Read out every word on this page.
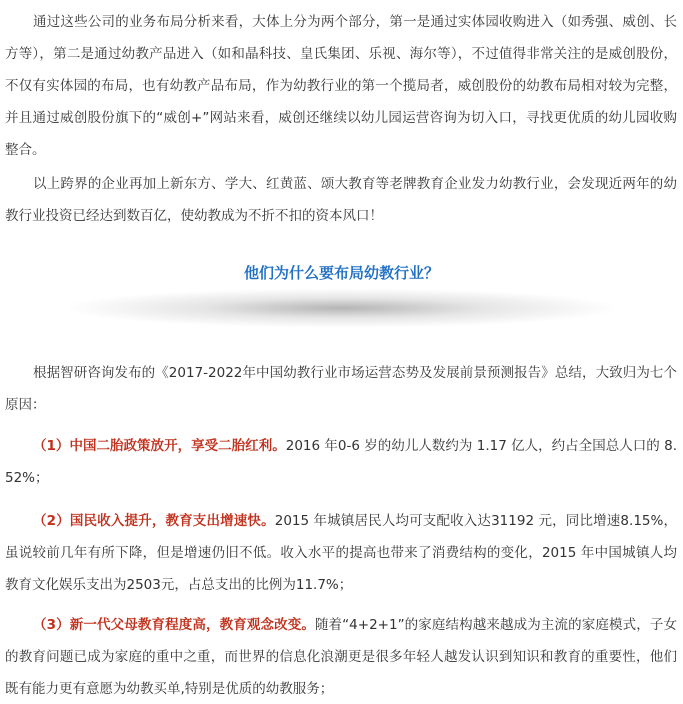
通过这些公司的业务布局分析来看，大体上分为两个部分，第一是通过实体园收购进入（如秀强、威创、长方等），第二是通过幼教产品进入（如和晶科技、皇氏集团、乐视、海尔等），不过值得非常关注的是威创股份，不仅有实体园的布局，也有幼教产品布局，作为幼教行业的第一个揽局者，威创股份的幼教布局相对较为完整，并且通过威创股份旗下的“威创+”网站来看，威创还继续以幼儿园运营咨询为切入口，寻找更优质的幼儿园收购整合。

以上跨界的企业再加上新东方、学大、红黄蓝、颂大教育等老牌教育企业发力幼教行业，会发现近两年的幼教行业投资已经达到数百亿，使幼教成为不折不扣的资本风口！

他们为什么要布局幼教行业？

根据智研咨询发布的《2017-2022年中国幼教行业市场运营态势及发展前景预测报告》总结，大致归为七个原因：

（1）中国二胎政策放开，享受二胎红利。2016 年0-6 岁的幼儿人数约为 1.17 亿人，约占全国总人口的 8.52%；

（2）国民收入提升，教育支出增速快。2015 年城镇居民人均可支配收入达31192 元，同比增速8.15%，虽说较前几年有所下降，但是增速仍旧不低。收入水平的提高也带来了消费结构的变化，2015 年中国城镇人均教育文化娱乐支出为2503元，占总支出的比例为11.7%；

（3）新一代父母教育程度高，教育观念改变。随着“4+2+1”的家庭结构越来越成为主流的家庭模式，子女的教育问题已成为家庭的重中之重，而世界的信息化浪潮更是很多年轻人越发认识到知识和教育的重要性，他们既有能力更有意愿为幼教买单,特别是优质的幼教服务；
